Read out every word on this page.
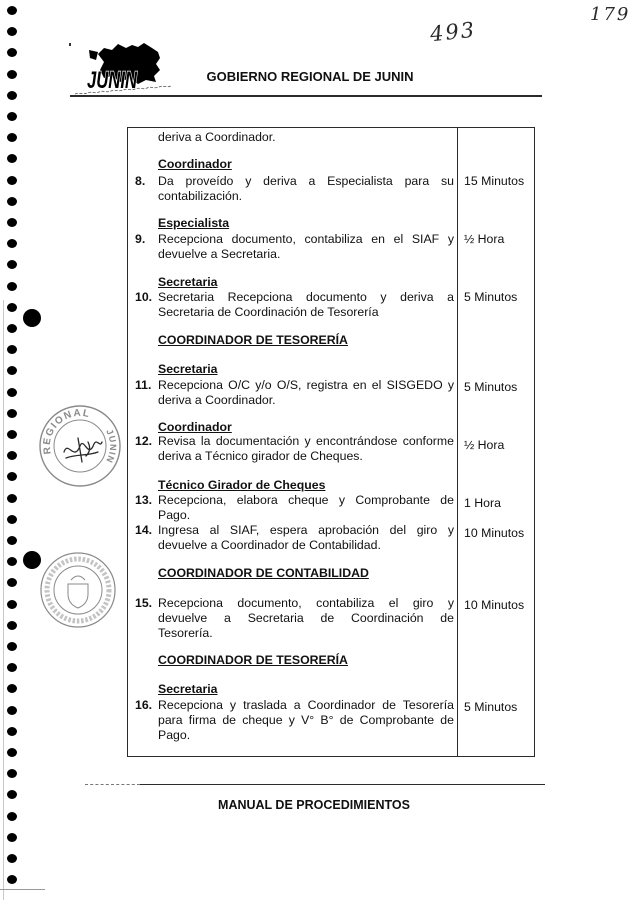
JUNIN
493
179
GOBIERNO REGIONAL DE JUNIN
REGIONAL
JUNIN
deriva a Coordinador.
Coordinador
8. Da proveído y deriva a Especialista para su
contabilización.
15 Minutos
Especialista
9. Recepciona documento, contabiliza en el SIAF y
devuelve a Secretaria.
½ Hora
Secretaria
10. Secretaria Recepciona documento y deriva a
Secretaria de Coordinación de Tesorería
5 Minutos
COORDINADOR DE TESORERÍA
Secretaria
11. Recepciona O/C y/o O/S, registra en el SISGEDO y
deriva a Coordinador.
5 Minutos
Coordinador
12. Revisa la documentación y encontrándose conforme
deriva a Técnico girador de Cheques.
½ Hora
Técnico Girador de Cheques
13. Recepciona, elabora cheque y Comprobante de
Pago.
1 Hora
14. Ingresa al SIAF, espera aprobación del giro y
devuelve a Coordinador de Contabilidad.
10 Minutos
COORDINADOR DE CONTABILIDAD
15. Recepciona documento, contabiliza el giro y
devuelve a Secretaria de Coordinación de
Tesorería.
10 Minutos
COORDINADOR DE TESORERÍA
Secretaria
16. Recepciona y traslada a Coordinador de Tesorería
para firma de cheque y V° B° de Comprobante de
Pago.
5 Minutos
MANUAL DE PROCEDIMIENTOS
